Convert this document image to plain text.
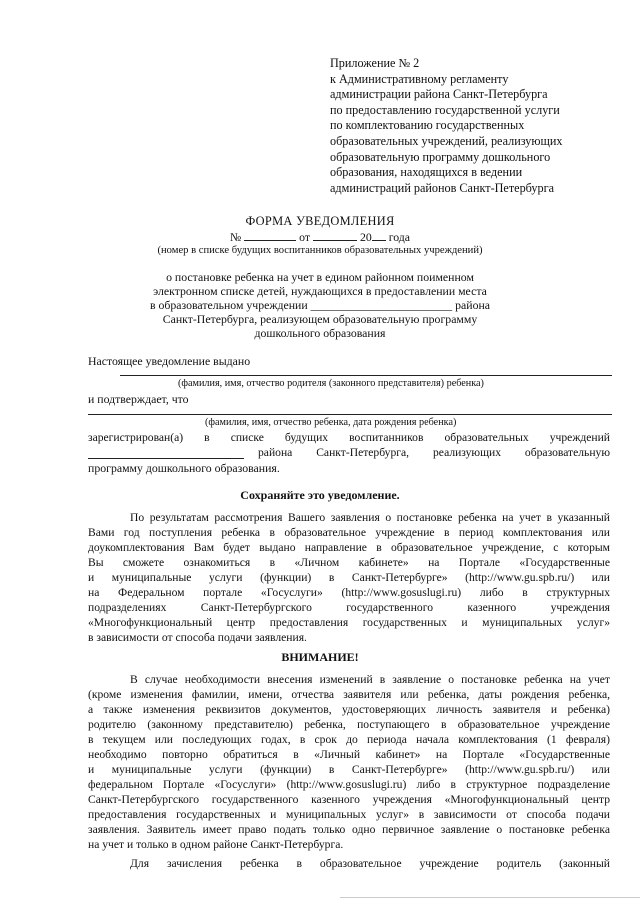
Приложение № 2
к Административному регламенту
администрации района Санкт-Петербурга
по предоставлению государственной услуги
по комплектованию государственных
образовательных учреждений, реализующих
образовательную программу дошкольного
образования, находящихся в ведении
администраций районов Санкт-Петербурга
ФОРМА УВЕДОМЛЕНИЯ
№	от	20 года
(номер в списке будущих воспитанников образовательных учреждений)
о постановке ребенка на учет в едином районном поименном
электронном списке детей, нуждающихся в предоставлении места
в образовательном учреждении ________________________ района
Санкт-Петербурга, реализующем образовательную программу
дошкольного образования
Настоящее уведомление выдано
(фамилия, имя, отчество родителя (законного представителя) ребенка)
и подтверждает, что
(фамилия, имя, отчество ребенка, дата рождения ребенка)
зарегистрирован(а) в списке будущих воспитанников образовательных учреждений
района Санкт-Петербурга, реализующих образовательную
программу дошкольного образования.
Сохраняйте это уведомление.
По результатам рассмотрения Вашего заявления о постановке ребенка на учет в указанный
Вами год поступления ребенка в образовательное учреждение в период комплектования или
доукомплектования Вам будет выдано направление в образовательное учреждение, с которым
Вы сможете ознакомиться в «Личном кабинете» на Портале «Государственные
и муниципальные услуги (функции) в Санкт-Петербурге» (http://www.gu.spb.ru/) или
на Федеральном портале «Госуслуги» (http://www.gosuslugi.ru) либо в структурных
подразделениях Санкт-Петербургского государственного казенного учреждения
«Многофункциональный центр предоставления государственных и муниципальных услуг»
в зависимости от способа подачи заявления.
ВНИМАНИЕ!
В случае необходимости внесения изменений в заявление о постановке ребенка на учет
(кроме изменения фамилии, имени, отчества заявителя или ребенка, даты рождения ребенка,
а также изменения реквизитов документов, удостоверяющих личность заявителя и ребенка)
родителю (законному представителю) ребенка, поступающего в образовательное учреждение
в текущем или последующих годах, в срок до периода начала комплектования (1 февраля)
необходимо повторно обратиться в «Личный кабинет» на Портале «Государственные
и муниципальные услуги (функции) в Санкт-Петербурге» (http://www.gu.spb.ru/) или
федеральном Портале «Госуслуги» (http://www.gosuslugi.ru) либо в структурное подразделение
Санкт-Петербургского государственного казенного учреждения «Многофункциональный центр
предоставления государственных и муниципальных услуг» в зависимости от способа подачи
заявления. Заявитель имеет право подать только одно первичное заявление о постановке ребенка
на учет и только в одном районе Санкт-Петербурга.
Для зачисления ребенка в образовательное учреждение родитель (законный
